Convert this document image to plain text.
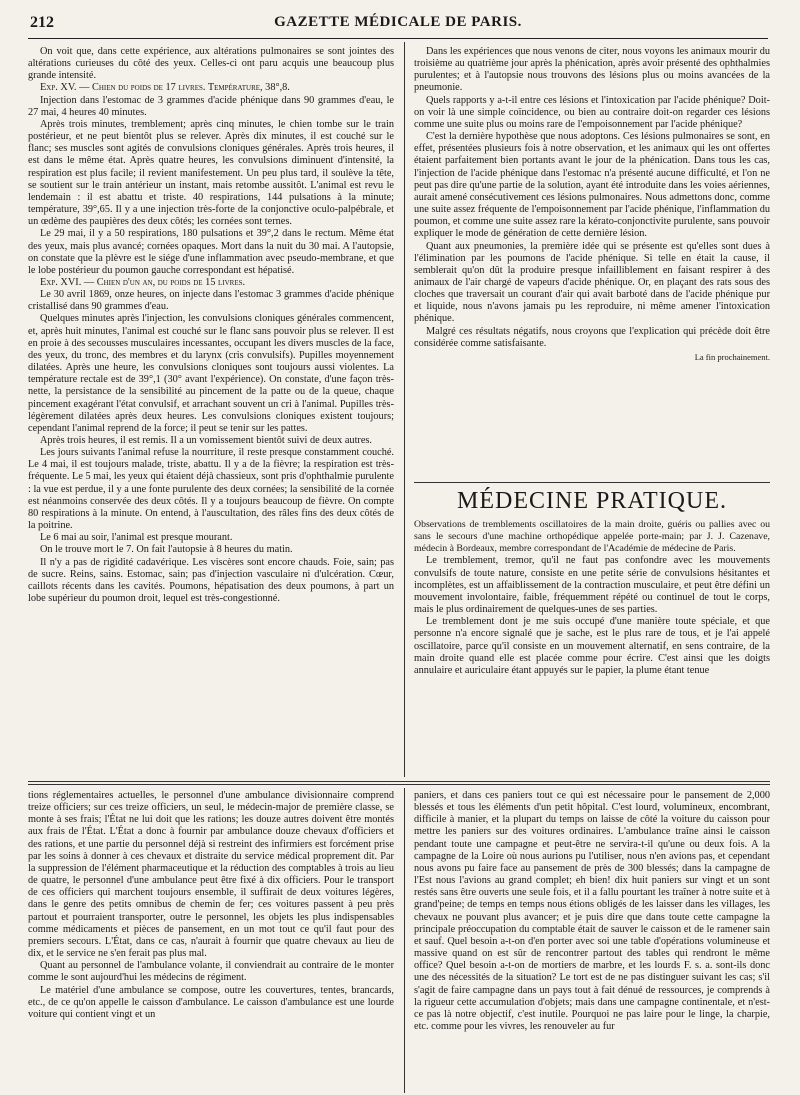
212	GAZETTE MÉDICALE DE PARIS.

On voit que, dans cette expérience, aux altérations pulmonaires se sont jointes des altérations curieuses du côté des yeux. Celles-ci ont paru acquis une beaucoup plus grande intensité.

Exp. XV. — Chien du poids de 17 livres. Température, 38°,8.

Injection dans l'estomac de 3 grammes d'acide phénique dans 90 grammes d'eau, le 27 mai, 4 heures 40 minutes.

Après trois minutes, tremblement; après cinq minutes, le chien tombe sur le train postérieur, et ne peut bientôt plus se relever. Après dix minutes, il est couché sur le flanc; ses muscles sont agités de convulsions cloniques générales. Après trois heures, il est dans le même état. Après quatre heures, les convulsions diminuent d'intensité, la respiration est plus facile; il revient manifestement. Un peu plus tard, il soulève la tête, se soutient sur le train antérieur un instant, mais retombe aussitôt. L'animal est revu le lendemain : il est abattu et triste. 40 respirations, 144 pulsations à la minute; température, 39°,65. Il y a une injection très-forte de la conjonctive oculo-palpébrale, et un œdème des paupières des deux côtés; les cornées sont ternes.

Le 29 mai, il y a 50 respirations, 180 pulsations et 39°,2 dans le rectum. Même état des yeux, mais plus avancé; cornées opaques. Mort dans la nuit du 30 mai. A l'autopsie, on constate que la plèvre est le siége d'une inflammation avec pseudo-membrane, et que le lobe postérieur du poumon gauche correspondant est hépatisé.

Exp. XVI. — Chien d'un an, du poids de 15 livres.

Le 30 avril 1869, onze heures, on injecte dans l'estomac 3 grammes d'acide phénique cristallisé dans 90 grammes d'eau.

Quelques minutes après l'injection, les convulsions cloniques générales commencent, et, après huit minutes, l'animal est couché sur le flanc sans pouvoir plus se relever. Il est en proie à des secousses musculaires incessantes, occupant les divers muscles de la face, des yeux, du tronc, des membres et du larynx (cris convulsifs). Pupilles moyennement dilatées. Après une heure, les convulsions cloniques sont toujours aussi violentes. La température rectale est de 39°,1 (30° avant l'expérience). On constate, d'une façon très-nette, la persistance de la sensibilité au pincement de la patte ou de la queue, chaque pincement exagérant l'état convulsif, et arrachant souvent un cri à l'animal. Pupilles très-légèrement dilatées après deux heures. Les convulsions cloniques existent toujours; cependant l'animal reprend de la force; il peut se tenir sur les pattes.

Après trois heures, il est remis. Il a un vomissement bientôt suivi de deux autres.

Les jours suivants l'animal refuse la nourriture, il reste presque constamment couché. Le 4 mai, il est toujours malade, triste, abattu. Il y a de la fièvre; la respiration est très-fréquente. Le 5 mai, les yeux qui étaient déjà chassieux, sont pris d'ophthalmie purulente : la vue est perdue, il y a une fonte purulente des deux cornées; la sensibilité de la cornée est néanmoins conservée des deux côtés. Il y a toujours beaucoup de fièvre. On compte 80 respirations à la minute. On entend, à l'auscultation, des râles fins des deux côtés de la poitrine.

Le 6 mai au soir, l'animal est presque mourant.

On le trouve mort le 7. On fait l'autopsie à 8 heures du matin.

Il n'y a pas de rigidité cadavérique. Les viscères sont encore chauds. Foie, sain; pas de sucre. Reins, sains. Estomac, sain; pas d'injection vasculaire ni d'ulcération. Cœur, caillots récents dans les cavités. Poumons, hépatisation des deux poumons, à part un lobe supérieur du poumon droit, lequel est très-congestionné.

Dans les expériences que nous venons de citer, nous voyons les animaux mourir du troisième au quatrième jour après la phénication, après avoir présenté des ophthalmies purulentes; et à l'autopsie nous trouvons des lésions plus ou moins avancées de la pneumonie.

Quels rapports y a-t-il entre ces lésions et l'intoxication par l'acide phénique? Doit-on voir là une simple coïncidence, ou bien au contraire doit-on regarder ces lésions comme une suite plus ou moins rare de l'empoisonnement par l'acide phénique?

C'est la dernière hypothèse que nous adoptons. Ces lésions pulmonaires se sont, en effet, présentées plusieurs fois à notre observation, et les animaux qui les ont offertes étaient parfaitement bien portants avant le jour de la phénication. Dans tous les cas, l'injection de l'acide phénique dans l'estomac n'a présenté aucune difficulté, et l'on ne peut pas dire qu'une partie de la solution, ayant été introduite dans les voies aériennes, aurait amené consécutivement ces lésions pulmonaires. Nous admettons donc, comme une suite assez fréquente de l'empoisonnement par l'acide phénique, l'inflammation du poumon, et comme une suite assez rare la kérato-conjonctivite purulente, sans pouvoir expliquer le mode de génération de cette dernière lésion.

Quant aux pneumonies, la première idée qui se présente est qu'elles sont dues à l'élimination par les poumons de l'acide phénique. Si telle en était la cause, il semblerait qu'on dût la produire presque infailliblement en faisant respirer à des animaux de l'air chargé de vapeurs d'acide phénique. Or, en plaçant des rats sous des cloches que traversait un courant d'air qui avait barboté dans de l'acide phénique pur et liquide, nous n'avons jamais pu les reproduire, ni même amener l'intoxication phénique.

Malgré ces résultats négatifs, nous croyons que l'explication qui précède doit être considérée comme satisfaisante.

La fin prochainement.

MÉDECINE PRATIQUE.

Observations de tremblements oscillatoires de la main droite, guéris ou pallies avec ou sans le secours d'une machine orthopédique appelée porte-main; par J. J. Cazenave, médecin à Bordeaux, membre correspondant de l'Académie de médecine de Paris.

Le tremblement, tremor, qu'il ne faut pas confondre avec les mouvements convulsifs de toute nature, consiste en une petite série de convulsions hésitantes et incomplètes, est un affaiblissement de la contraction musculaire, et peut être défini un mouvement involontaire, faible, fréquemment répété ou continuel de tout le corps, mais le plus ordinairement de quelques-unes de ses parties.

Le tremblement dont je me suis occupé d'une manière toute spéciale, et que personne n'a encore signalé que je sache, est le plus rare de tous, et je l'ai appelé oscillatoire, parce qu'il consiste en un mouvement alternatif, en sens contraire, de la main droite quand elle est placée comme pour écrire. C'est ainsi que les doigts annulaire et auriculaire étant appuyés sur le papier, la plume étant tenue

tions réglementaires actuelles, le personnel d'une ambulance divisionnaire comprend treize officiers; sur ces treize officiers, un seul, le médecin-major de première classe, se monte à ses frais; l'État ne lui doit que les rations; les douze autres doivent être montés aux frais de l'État. L'État a donc à fournir par ambulance douze chevaux d'officiers et des rations, et une partie du personnel déjà si restreint des infirmiers est forcément prise par les soins à donner à ces chevaux et distraite du service médical proprement dit. Par la suppression de l'élément pharmaceutique et la réduction des comptables à trois au lieu de quatre, le personnel d'une ambulance peut être fixé à dix officiers. Pour le transport de ces officiers qui marchent toujours ensemble, il suffirait de deux voitures légères, dans le genre des petits omnibus de chemin de fer; ces voitures passent à peu près partout et pourraient transporter, outre le personnel, les objets les plus indispensables comme médicaments et pièces de pansement, en un mot tout ce qu'il faut pour des premiers secours. L'État, dans ce cas, n'aurait à fournir que quatre chevaux au lieu de dix, et le service ne s'en ferait pas plus mal.

Quant au personnel de l'ambulance volante, il conviendrait au contraire de le monter comme le sont aujourd'hui les médecins de régiment.

Le matériel d'une ambulance se compose, outre les couvertures, tentes, brancards, etc., de ce qu'on appelle le caisson d'ambulance. Le caisson d'ambulance est une lourde voiture qui contient vingt et un

paniers, et dans ces paniers tout ce qui est nécessaire pour le pansement de 2,000 blessés et tous les éléments d'un petit hôpital. C'est lourd, volumineux, encombrant, difficile à manier, et la plupart du temps on laisse de côté la voiture du caisson pour mettre les paniers sur des voitures ordinaires. L'ambulance traîne ainsi le caisson pendant toute une campagne et peut-être ne servira-t-il qu'une ou deux fois. A la campagne de la Loire où nous aurions pu l'utiliser, nous n'en avions pas, et cependant nous avons pu faire face au pansement de près de 300 blessés; dans la campagne de l'Est nous l'avions au grand complet; eh bien! dix huit paniers sur vingt et un sont restés sans être ouverts une seule fois, et il a fallu pourtant les traîner à notre suite et à grand'peine; de temps en temps nous étions obligés de les laisser dans les villages, les chevaux ne pouvant plus avancer; et je puis dire que dans toute cette campagne la principale préoccupation du comptable était de sauver le caisson et de le ramener sain et sauf. Quel besoin a-t-on d'en porter avec soi une table d'opérations volumineuse et massive quand on est sûr de rencontrer partout des tables qui rendront le même office? Quel besoin a-t-on de mortiers de marbre, et les lourds F. s. a. sont-ils donc une des nécessités de la situation? Le tort est de ne pas distinguer suivant les cas; s'il s'agit de faire campagne dans un pays tout à fait dénué de ressources, je comprends à la rigueur cette accumulation d'objets; mais dans une campagne continentale, et n'est-ce pas là notre objectif, c'est inutile. Pourquoi ne pas laire pour le linge, la charpie, etc. comme pour les vivres, les renouveler au fur
